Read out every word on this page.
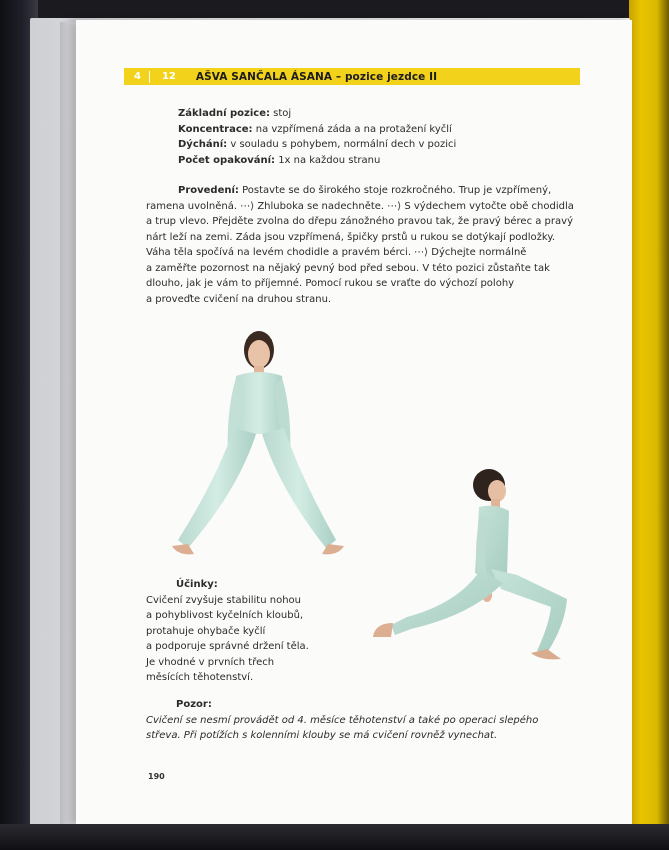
4	12	AŠVA SANČALA ÁSANA – pozice jezdce II
Základní pozice: stoj
Koncentrace: na vzpřímená záda a na protažení kyčlí
Dýchání: v souladu s pohybem, normální dech v pozici
Počet opakování: 1x na každou stranu
Provedení: Postavte se do širokého stoje rozkročného. Trup je vzpřímený,
ramena uvolněná. ⋯⟩ Zhluboka se nadechněte. ⋯⟩ S výdechem vytočte obě chodidla
a trup vlevo. Přejděte zvolna do dřepu zánožného pravou tak, že pravý bérec a pravý
nárt leží na zemi. Záda jsou vzpřímená, špičky prstů u rukou se dotýkají podložky.
Váha těla spočívá na levém chodidle a pravém bérci. ⋯⟩ Dýchejte normálně
a zaměřte pozornost na nějaký pevný bod před sebou. V této pozici zůstaňte tak
dlouho, jak je vám to příjemné. Pomocí rukou se vraťte do výchozí polohy
a proveďte cvičení na druhou stranu.
Účinky:
Cvičení zvyšuje stabilitu nohou
a pohyblivost kyčelních kloubů,
protahuje ohybače kyčlí
a podporuje správné držení těla.
Je vhodné v prvních třech
měsících těhotenství.
Pozor:
Cvičení se nesmí provádět od 4. měsíce těhotenství a také po operaci slepého
střeva. Při potížích s kolenními klouby se má cvičení rovněž vynechat.
190
